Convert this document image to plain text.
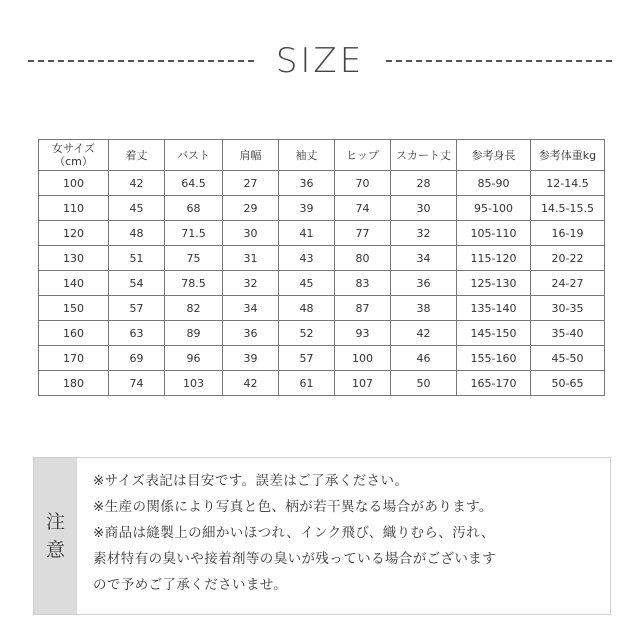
SIZE
女サイズ
（cm）	着丈	バスト	肩幅	袖丈	ヒップ	スカート丈	参考身長	参考体重kg
100	42	64.5	27	36	70	28	85-90	12-14.5
110	45	68	29	39	74	30	95-100	14.5-15.5
120	48	71.5	30	41	77	32	105-110	16-19
130	51	75	31	43	80	34	115-120	20-22
140	54	78.5	32	45	83	36	125-130	24-27
150	57	82	34	48	87	38	135-140	30-35
160	63	89	36	52	93	42	145-150	35-40
170	69	96	39	57	100	46	155-160	45-50
180	74	103	42	61	107	50	165-170	50-65
注意
※サイズ表記は目安です。誤差はご了承ください。
※生産の関係により写真と色、柄が若干異なる場合があります。
※商品は縫製上の細かいほつれ、インク飛び、織りむら、汚れ、
素材特有の臭いや接着剤等の臭いが残っている場合がございます
ので予めご了承くださいませ。
